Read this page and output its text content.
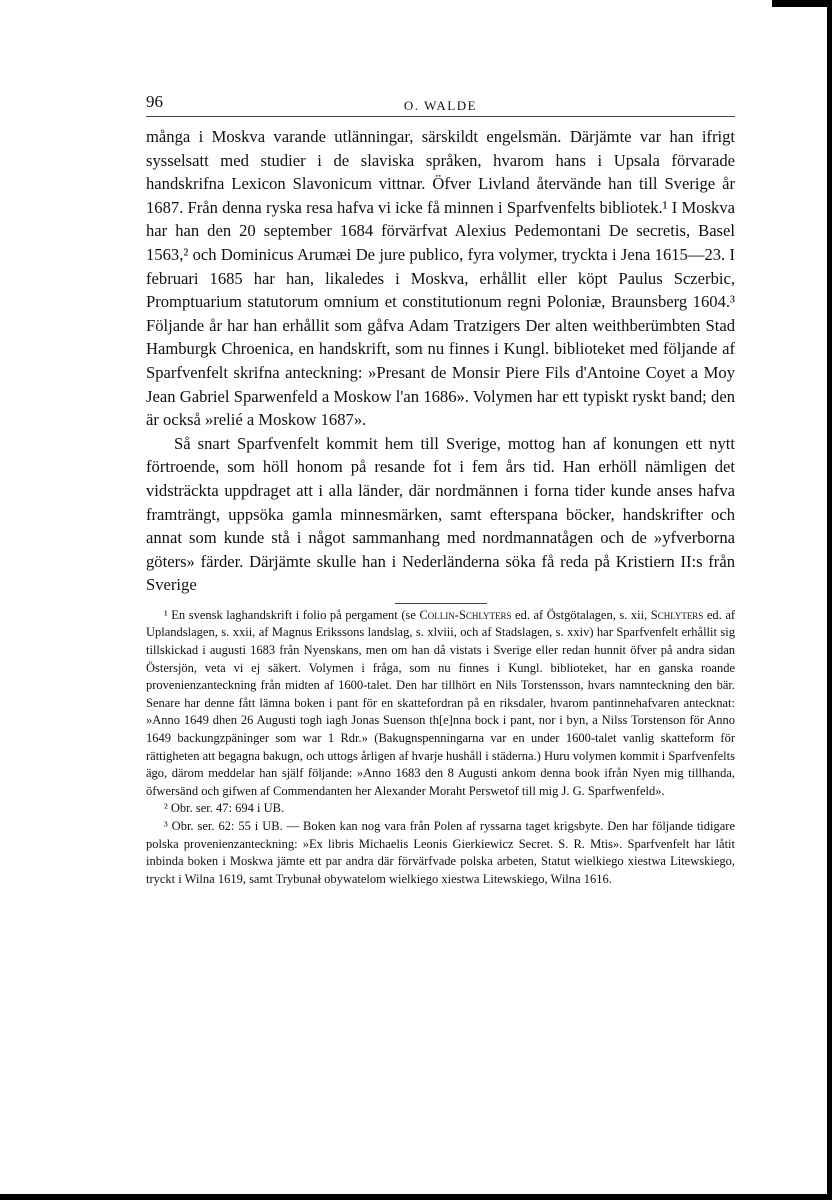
96	O. WALDE

många i Moskva varande utlänningar, särskildt engelsmän. Därjämte var han ifrigt sysselsatt med studier i de slaviska språken, hvarom hans i Upsala förvarade handskrifna Lexicon Slavonicum vittnar. Öfver Livland återvände han till Sverige år 1687. Från denna ryska resa hafva vi icke få minnen i Sparfvenfelts bibliotek.¹ I Moskva har han den 20 september 1684 förvärfvat Alexius Pedemontani De secretis, Basel 1563,² och Dominicus Arumæi De jure publico, fyra volymer, tryckta i Jena 1615—23. I februari 1685 har han, likaledes i Moskva, erhållit eller köpt Paulus Sczerbic, Promptuarium statutorum omnium et constitutionum regni Poloniæ, Braunsberg 1604.³ Följande år har han erhållit som gåfva Adam Tratzigers Der alten weithberümbten Stad Hamburgk Chroenica, en handskrift, som nu finnes i Kungl. biblioteket med följande af Sparfvenfelt skrifna anteckning: »Presant de Monsir Piere Fils d'Antoine Coyet a Moy Jean Gabriel Sparwenfeld a Moskow l'an 1686». Volymen har ett typiskt ryskt band; den är också »relié a Moskow 1687».

Så snart Sparfvenfelt kommit hem till Sverige, mottog han af konungen ett nytt förtroende, som höll honom på resande fot i fem års tid. Han erhöll nämligen det vidsträckta uppdraget att i alla länder, där nordmännen i forna tider kunde anses hafva framträngt, uppsöka gamla minnesmärken, samt efterspana böcker, handskrifter och annat som kunde stå i något sammanhang med nordmannatågen och de »yfverborna göters» färder. Därjämte skulle han i Nederländerna söka få reda på Kristiern II:s från Sverige

¹ En svensk laghandskrift i folio på pergament (se Collin-Schlyters ed. af Östgötalagen, s. xii, Schlyters ed. af Uplandslagen, s. xxii, af Magnus Erikssons landslag, s. xlviii, och af Stadslagen, s. xxiv) har Sparfvenfelt erhållit sig tillskickad i augusti 1683 från Nyenskans, men om han då vistats i Sverige eller redan hunnit öfver på andra sidan Östersjön, veta vi ej säkert. Volymen i fråga, som nu finnes i Kungl. biblioteket, har en ganska roande provenienzanteckning från midten af 1600-talet. Den har tillhört en Nils Torstensson, hvars namnteckning den bär. Senare har denne fått lämna boken i pant för en skattefordran på en riksdaler, hvarom pantinnehafvaren antecknat: »Anno 1649 dhen 26 Augusti togh iagh Jonas Suenson th[e]nna bock i pant, nor i byn, a Nilss Torstenson för Anno 1649 backungzpäninger som war 1 Rdr.» (Bakugnspenningarna var en under 1600-talet vanlig skatteform för rättigheten att begagna bakugn, och uttogs årligen af hvarje hushåll i städerna.) Huru volymen kommit i Sparfvenfelts ägo, därom meddelar han själf följande: »Anno 1683 den 8 Augusti ankom denna book ifrån Nyen mig tillhanda, öfwersänd och gifwen af Commendanten her Alexander Moraht Perswetof till mig J. G. Sparfwenfeld».

² Obr. ser. 47: 694 i UB.

³ Obr. ser. 62: 55 i UB. — Boken kan nog vara från Polen af ryssarna taget krigsbyte. Den har följande tidigare polska provenienzanteckning: »Ex libris Michaelis Leonis Gierkiewicz Secret. S. R. Mtis». Sparfvenfelt har låtit inbinda boken i Moskwa jämte ett par andra där förvärfvade polska arbeten, Statut wielkiego xiestwa Litewskiego, tryckt i Wilna 1619, samt Trybunał obywatelom wielkiego xiestwa Litewskiego, Wilna 1616.
